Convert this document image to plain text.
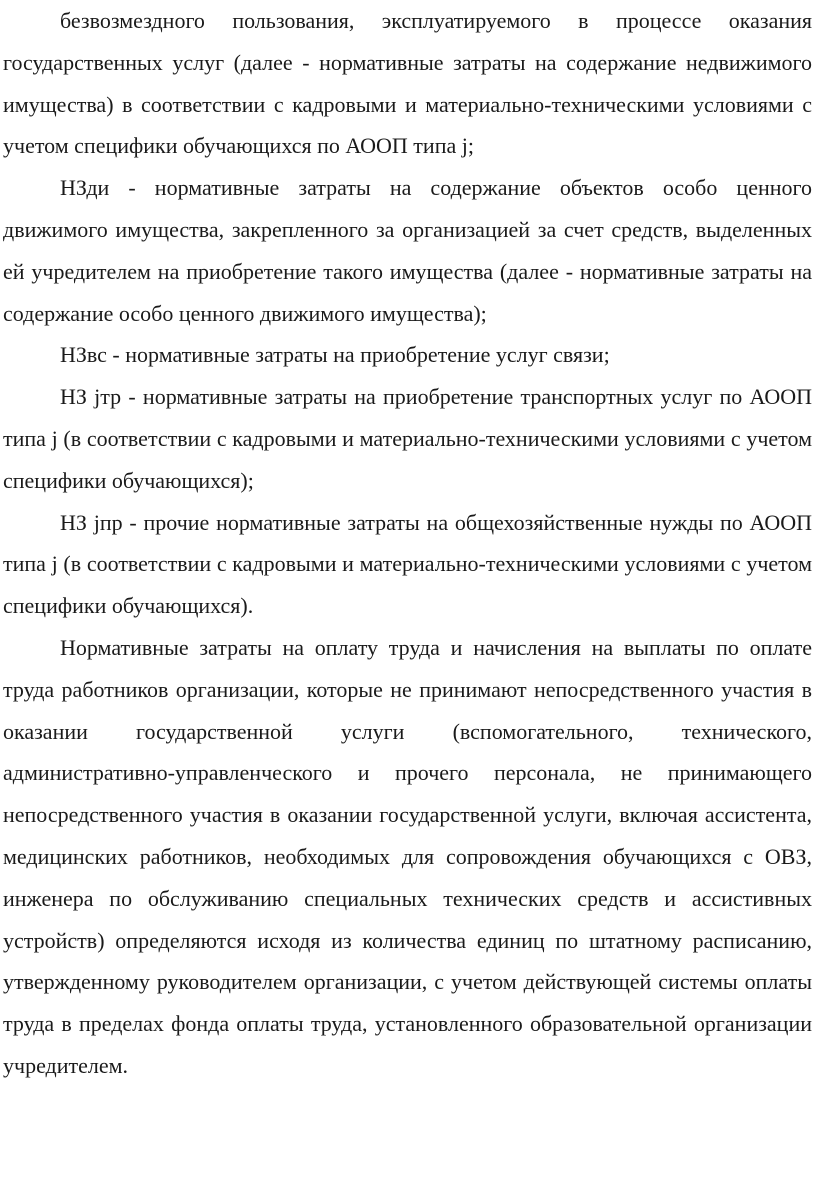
безвозмездного пользования, эксплуатируемого в процессе оказания государственных услуг (далее - нормативные затраты на содержание недвижимого имущества) в соответствии с кадровыми и материально-техническими условиями с учетом специфики обучающихся по АООП типа j;

НЗди - нормативные затраты на содержание объектов особо ценного движимого имущества, закрепленного за организацией за счет средств, выделенных ей учредителем на приобретение такого имущества (далее - нормативные затраты на содержание особо ценного движимого имущества);

НЗвс - нормативные затраты на приобретение услуг связи;

НЗ jтр - нормативные затраты на приобретение транспортных услуг по АООП типа j (в соответствии с кадровыми и материально-техническими условиями с учетом специфики обучающихся);

НЗ jпр - прочие нормативные затраты на общехозяйственные нужды по АООП типа j (в соответствии с кадровыми и материально-техническими условиями с учетом специфики обучающихся).

Нормативные затраты на оплату труда и начисления на выплаты по оплате труда работников организации, которые не принимают непосредственного участия в оказании государственной услуги (вспомогательного, технического, административно-управленческого и прочего персонала, не принимающего непосредственного участия в оказании государственной услуги, включая ассистента, медицинских работников, необходимых для сопровождения обучающихся с ОВЗ, инженера по обслуживанию специальных технических средств и ассистивных устройств) определяются исходя из количества единиц по штатному расписанию, утвержденному руководителем организации, с учетом действующей системы оплаты труда в пределах фонда оплаты труда, установленного образовательной организации учредителем.
